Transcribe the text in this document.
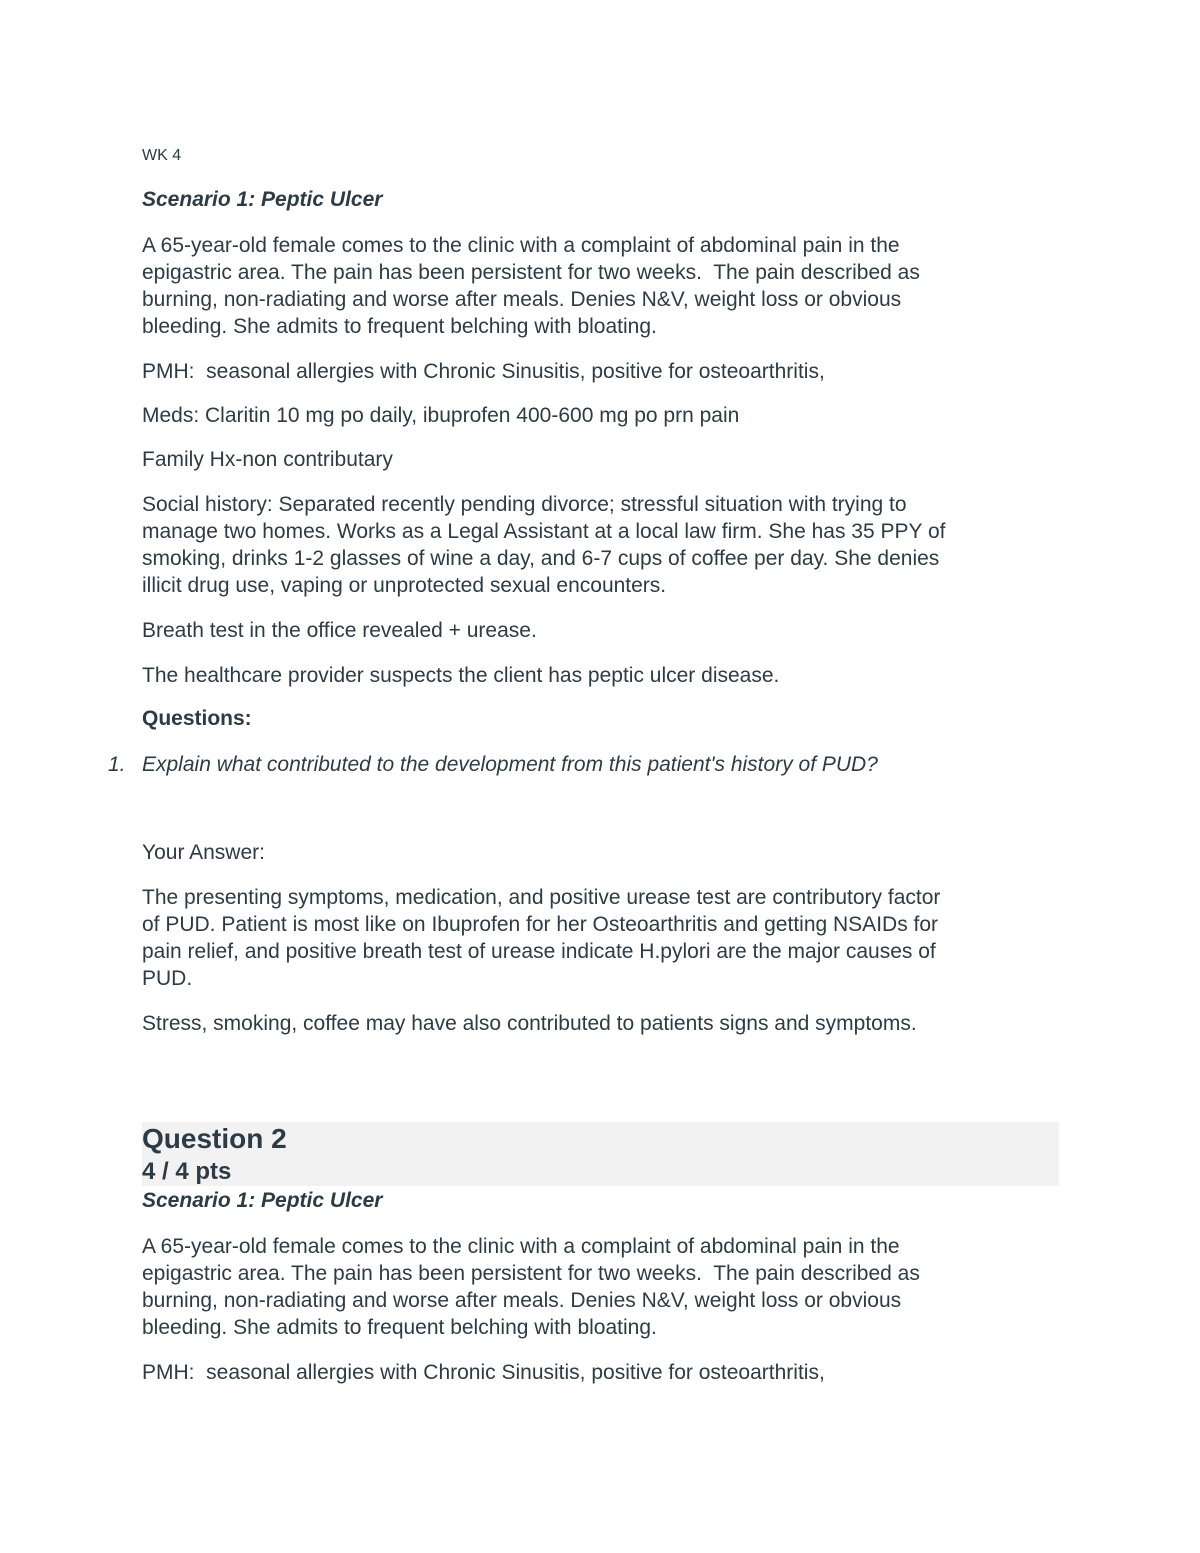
WK 4

Scenario 1: Peptic Ulcer

A 65-year-old female comes to the clinic with a complaint of abdominal pain in the
epigastric area. The pain has been persistent for two weeks.  The pain described as
burning, non-radiating and worse after meals. Denies N&V, weight loss or obvious
bleeding. She admits to frequent belching with bloating.

PMH:  seasonal allergies with Chronic Sinusitis, positive for osteoarthritis,

Meds: Claritin 10 mg po daily, ibuprofen 400-600 mg po prn pain

Family Hx-non contributary

Social history: Separated recently pending divorce; stressful situation with trying to
manage two homes. Works as a Legal Assistant at a local law firm. She has 35 PPY of
smoking, drinks 1-2 glasses of wine a day, and 6-7 cups of coffee per day. She denies
illicit drug use, vaping or unprotected sexual encounters.

Breath test in the office revealed + urease.

The healthcare provider suspects the client has peptic ulcer disease.

Questions:

1. Explain what contributed to the development from this patient's history of PUD?

Your Answer:

The presenting symptoms, medication, and positive urease test are contributory factor
of PUD. Patient is most like on Ibuprofen for her Osteoarthritis and getting NSAIDs for
pain relief, and positive breath test of urease indicate H.pylori are the major causes of
PUD.

Stress, smoking, coffee may have also contributed to patients signs and symptoms.

Question 2

4 / 4 pts

Scenario 1: Peptic Ulcer

A 65-year-old female comes to the clinic with a complaint of abdominal pain in the
epigastric area. The pain has been persistent for two weeks.  The pain described as
burning, non-radiating and worse after meals. Denies N&V, weight loss or obvious
bleeding. She admits to frequent belching with bloating.

PMH:  seasonal allergies with Chronic Sinusitis, positive for osteoarthritis,
